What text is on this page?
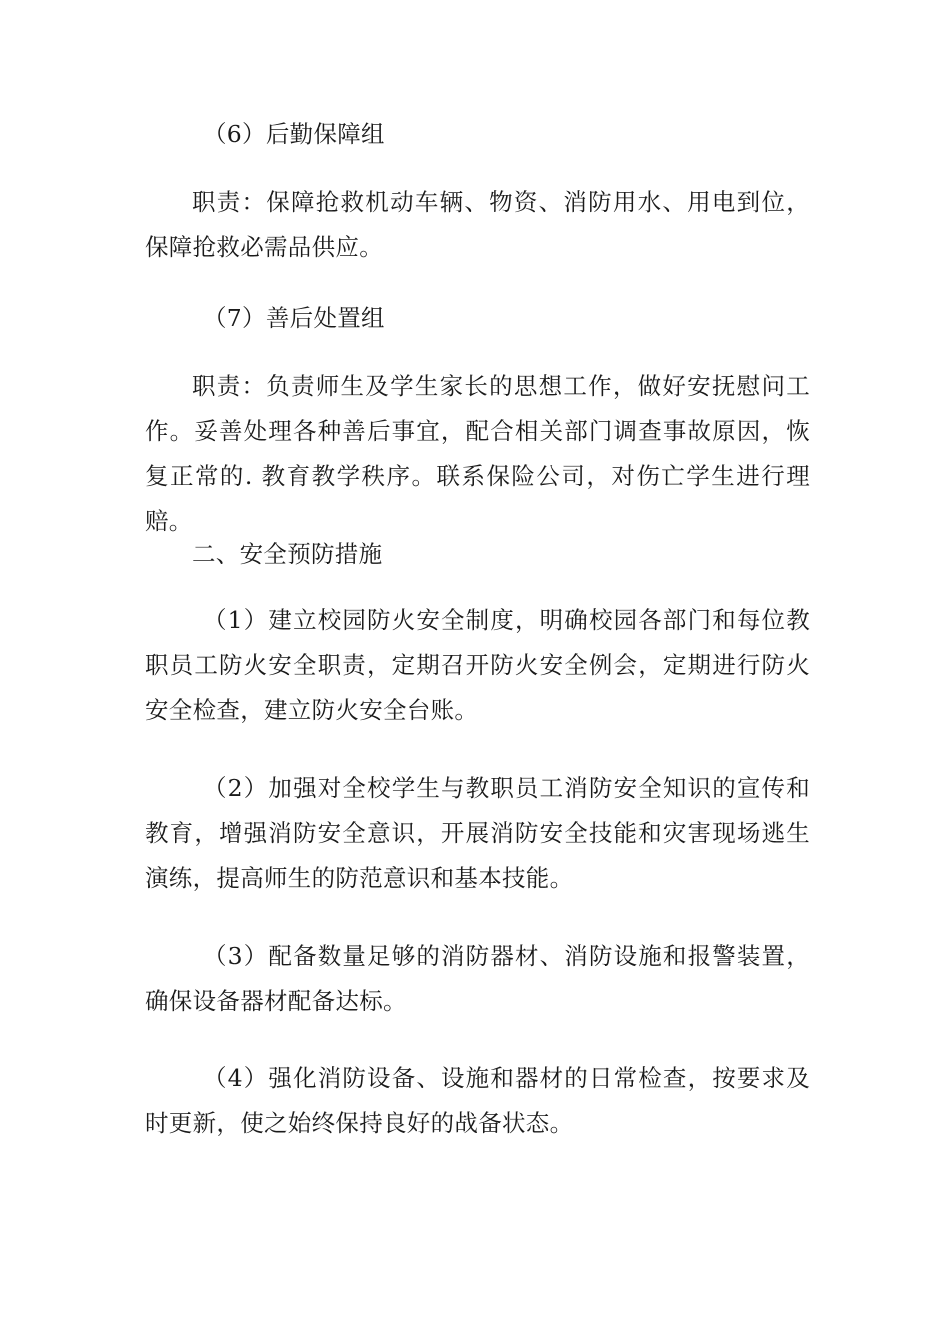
（6）后勤保障组

职责：保障抢救机动车辆、物资、消防用水、用电到位，保障抢救必需品供应。

（7）善后处置组

职责：负责师生及学生家长的思想工作，做好安抚慰问工作。妥善处理各种善后事宜，配合相关部门调查事故原因，恢复正常的. 教育教学秩序。联系保险公司，对伤亡学生进行理赔。

二、安全预防措施

（1）建立校园防火安全制度，明确校园各部门和每位教职员工防火安全职责，定期召开防火安全例会，定期进行防火安全检查，建立防火安全台账。

（2）加强对全校学生与教职员工消防安全知识的宣传和教育，增强消防安全意识，开展消防安全技能和灾害现场逃生演练，提高师生的防范意识和基本技能。

（3）配备数量足够的消防器材、消防设施和报警装置，确保设备器材配备达标。

（4）强化消防设备、设施和器材的日常检查，按要求及时更新，使之始终保持良好的战备状态。
